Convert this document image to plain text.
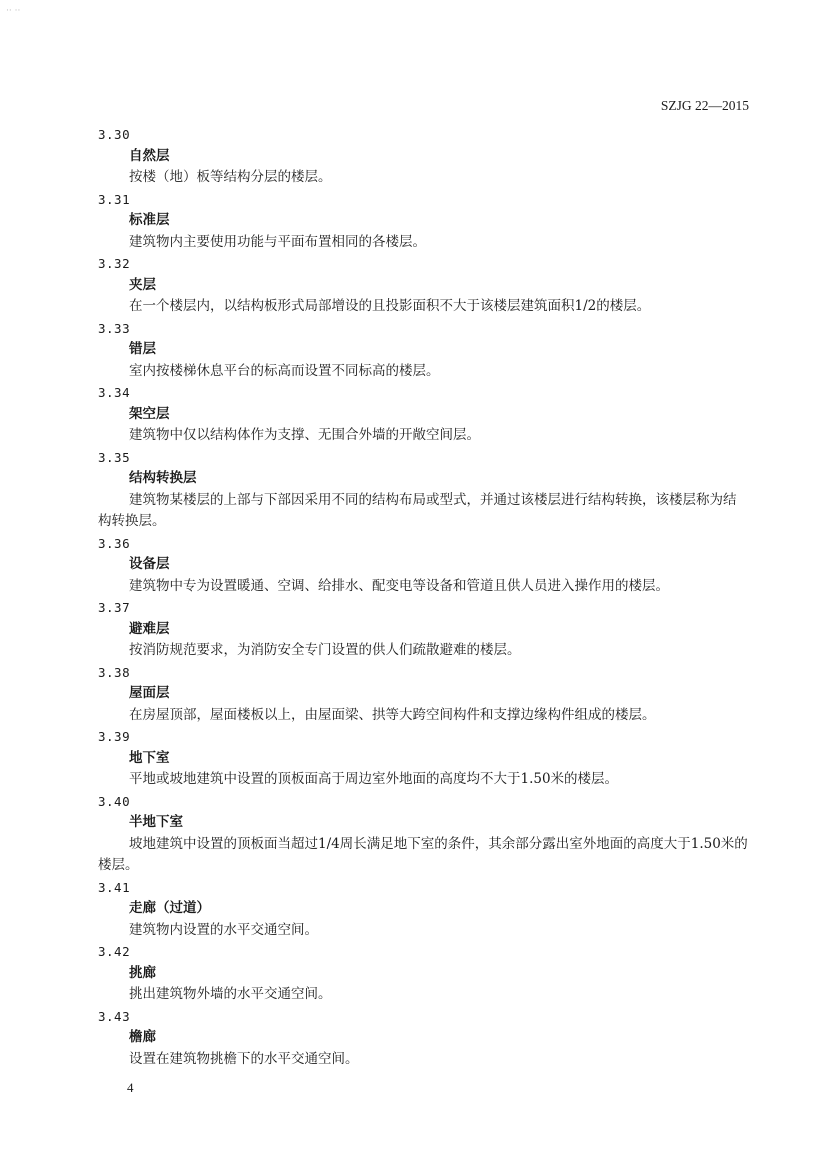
·· ··
SZJG 22—2015
3.30
自然层

按楼（地）板等结构分层的楼层。

3.31
标准层

建筑物内主要使用功能与平面布置相同的各楼层。

3.32
夹层

在一个楼层内，以结构板形式局部增设的且投影面积不大于该楼层建筑面积1/2的楼层。

3.33
错层

室内按楼梯休息平台的标高而设置不同标高的楼层。

3.34
架空层

建筑物中仅以结构体作为支撑、无围合外墙的开敞空间层。

3.35
结构转换层

建筑物某楼层的上部与下部因采用不同的结构布局或型式，并通过该楼层进行结构转换，该楼层称为结构转换层。

3.36
设备层

建筑物中专为设置暖通、空调、给排水、配变电等设备和管道且供人员进入操作用的楼层。

3.37
避难层

按消防规范要求，为消防安全专门设置的供人们疏散避难的楼层。

3.38
屋面层

在房屋顶部，屋面楼板以上，由屋面梁、拱等大跨空间构件和支撑边缘构件组成的楼层。

3.39
地下室

平地或坡地建筑中设置的顶板面高于周边室外地面的高度均不大于1.50米的楼层。

3.40
半地下室

坡地建筑中设置的顶板面当超过1/4周长满足地下室的条件，其余部分露出室外地面的高度大于1.50米的楼层。

3.41
走廊（过道）

建筑物内设置的水平交通空间。

3.42
挑廊

挑出建筑物外墙的水平交通空间。

3.43
檐廊

设置在建筑物挑檐下的水平交通空间。

4
